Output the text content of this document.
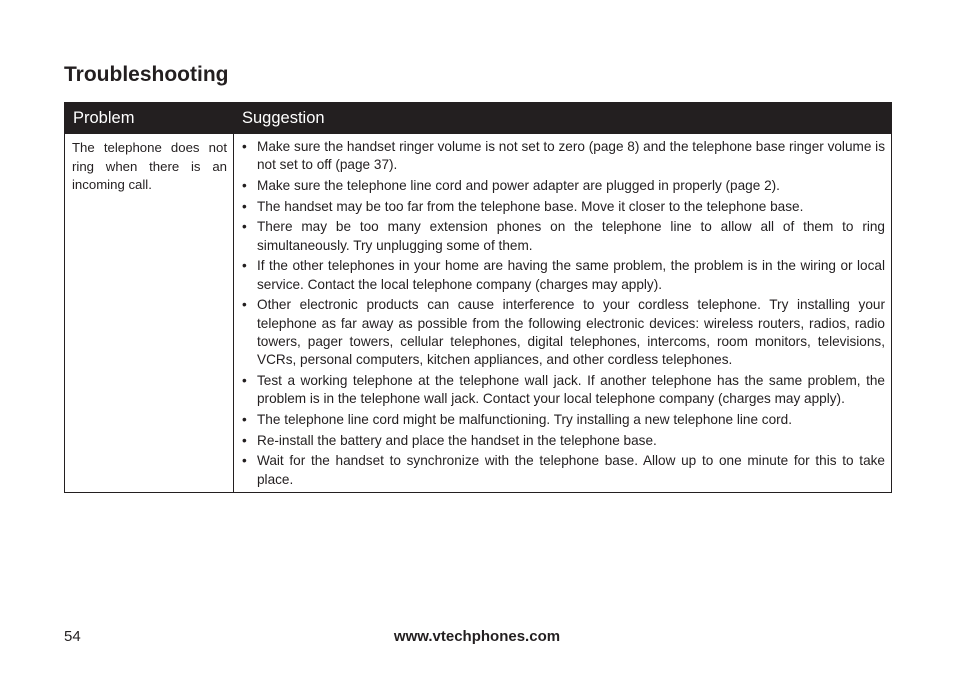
Troubleshooting
Problem	Suggestion
The telephone does not ring when there is an incoming call.
• Make sure the handset ringer volume is not set to zero (page 8) and the telephone base ringer volume is not set to off (page 37).
• Make sure the telephone line cord and power adapter are plugged in properly (page 2).
• The handset may be too far from the telephone base. Move it closer to the telephone base.
• There may be too many extension phones on the telephone line to allow all of them to ring simultaneously. Try unplugging some of them.
• If the other telephones in your home are having the same problem, the problem is in the wiring or local service. Contact the local telephone company (charges may apply).
• Other electronic products can cause interference to your cordless telephone. Try installing your telephone as far away as possible from the following electronic devices: wireless routers, radios, radio towers, pager towers, cellular telephones, digital telephones, intercoms, room monitors, televisions, VCRs, personal computers, kitchen appliances, and other cordless telephones.
• Test a working telephone at the telephone wall jack. If another telephone has the same problem, the problem is in the telephone wall jack. Contact your local telephone company (charges may apply).
• The telephone line cord might be malfunctioning. Try installing a new telephone line cord.
• Re-install the battery and place the handset in the telephone base.
• Wait for the handset to synchronize with the telephone base. Allow up to one minute for this to take place.
54	www.vtechphones.com
